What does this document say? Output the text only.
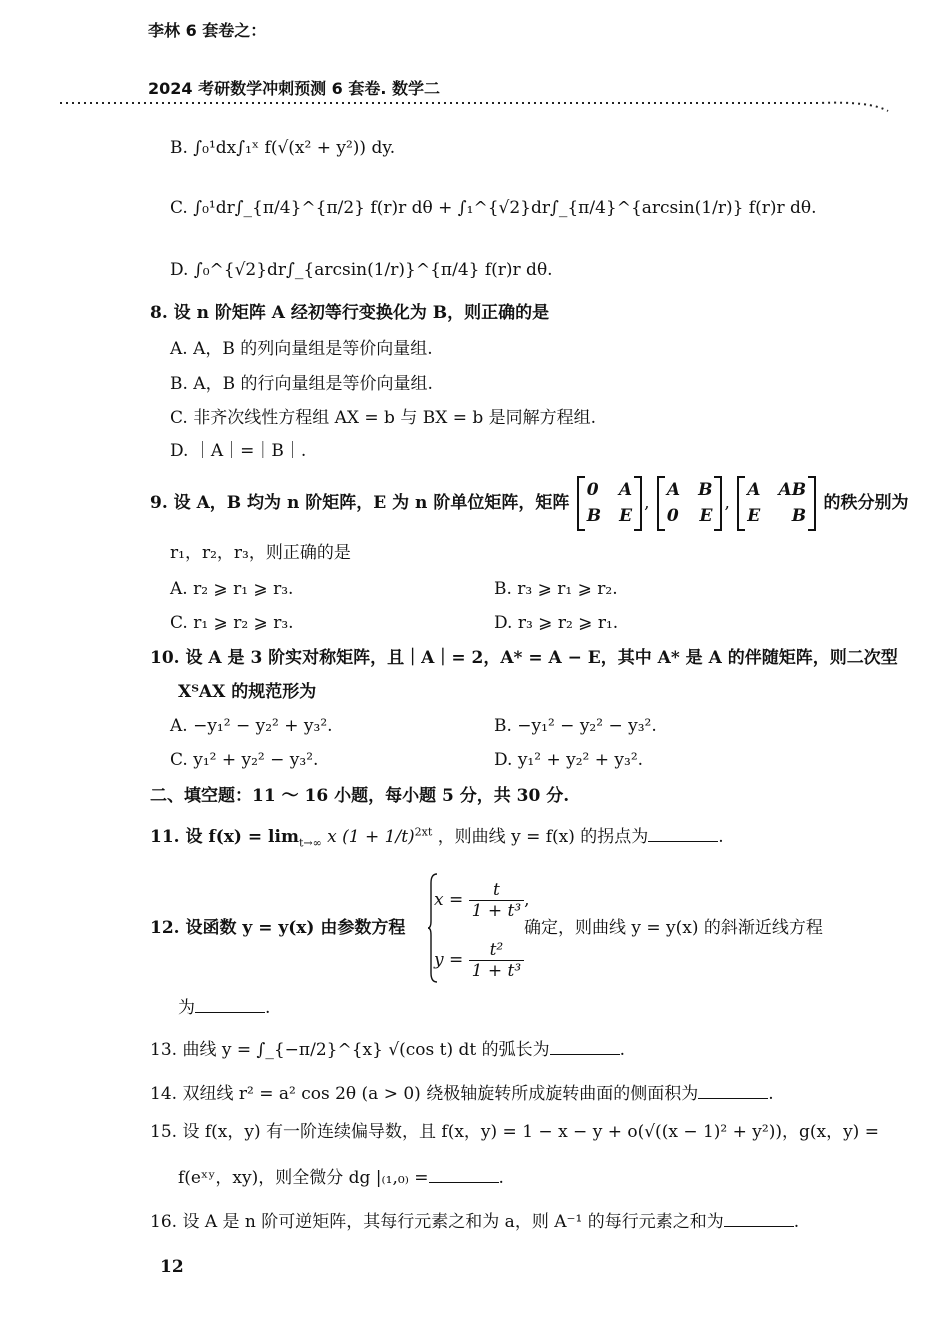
李林 6 套卷之：
2024 考研数学冲刺预测 6 套卷. 数学二
B. ∫₀¹dx∫₁ˣ f(√(x² + y²)) dy.
C. ∫₀¹dr∫_{π/4}^{π/2} f(r)r dθ + ∫₁^{√2}dr∫_{π/4}^{arcsin(1/r)} f(r)r dθ.
D. ∫₀^{√2}dr∫_{arcsin(1/r)}^{π/4} f(r)r dθ.
8. 设 n 阶矩阵 A 经初等行变换化为 B，则正确的是
A. A，B 的列向量组是等价向量组.
B. A，B 的行向量组是等价向量组.
C. 非齐次线性方程组 AX = b 与 BX = b 是同解方程组.
D. ｜A｜=｜B｜.
9. 设 A，B 均为 n 阶矩阵，E 为 n 阶单位矩阵，矩阵
0 A
B E
,
A B
0 E
,
A AB
E B
的秩分别为
r₁，r₂，r₃，则正确的是
A. r₂ ⩾ r₁ ⩾ r₃.	B. r₃ ⩾ r₁ ⩾ r₂.
C. r₁ ⩾ r₂ ⩾ r₃.	D. r₃ ⩾ r₂ ⩾ r₁.
10. 设 A 是 3 阶实对称矩阵，且｜A｜= 2，A* = A − E，其中 A* 是 A 的伴随矩阵，则二次型
XᵀAX 的规范形为
A. −y₁² − y₂² + y₃².	B. −y₁² − y₂² − y₃².
C. y₁² + y₂² − y₃².	D. y₁² + y₂² + y₃².
二、填空题：11 ～ 16 小题，每小题 5 分，共 30 分.
11. 设 $f(x) = \lim_{t\to\infty} x$ $(1 + 1/t)^{2xt}$ ，则曲线 y = f(x) 的拐点为	.
12. 设函数 y = y(x) 由参数方程
$x = \frac{t}{\text{1 + t³}}$ ,
$y = \frac{\text{t²}}{\text{1 + t³}}$
确定，则曲线 y = y(x) 的斜渐近线方程
为	.
13. 曲线 y = ∫_{−π/2}^{x} √(cos t) dt 的弧长为	.
14. 双纽线 r² = a² cos 2θ (a > 0) 绕极轴旋转所成旋转曲面的侧面积为	.
15. 设 f(x，y) 有一阶连续偏导数，且 f(x，y) = 1 − x − y + o(√((x − 1)² + y²))，g(x，y) =
f(eˣʸ，xy)，则全微分 dg |₍₁,₀₎ =	.
16. 设 A 是 n 阶可逆矩阵，其每行元素之和为 a，则 A⁻¹ 的每行元素之和为	.
12
